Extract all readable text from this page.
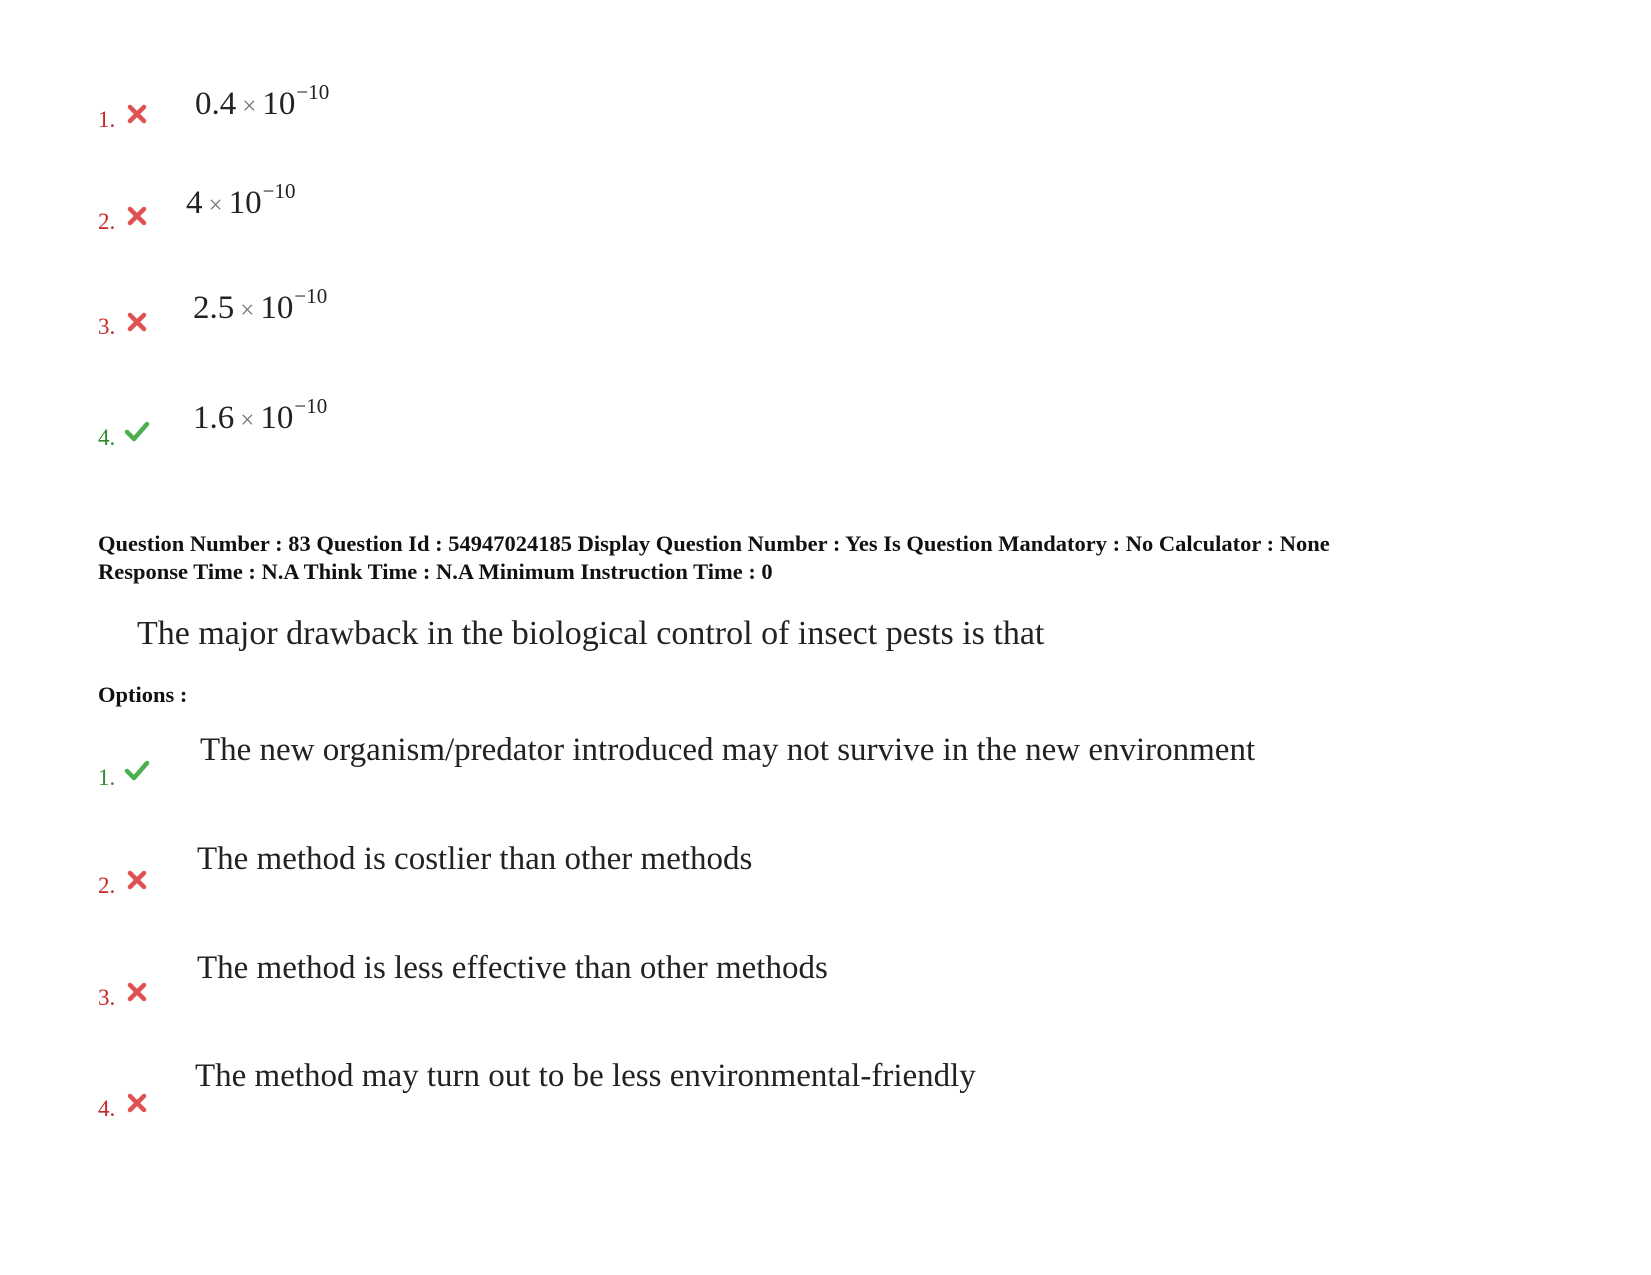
1. $0.4 \times 10^{-10}$
2.
$4 \times 10^{-10}$
3.
$2.5 \times 10^{-10}$
4.
$1.6 \times 10^{-10}$
Question Number : 83 Question Id : 54947024185 Display Question Number : Yes Is Question Mandatory : No Calculator : None
Response Time : N.A Think Time : N.A Minimum Instruction Time : 0
The major drawback in the biological control of insect pests is that
Options :
1.
The new organism/predator introduced may not survive in the new environment
2.
The method is costlier than other methods
3.
The method is less effective than other methods
4.
The method may turn out to be less environmental-friendly
